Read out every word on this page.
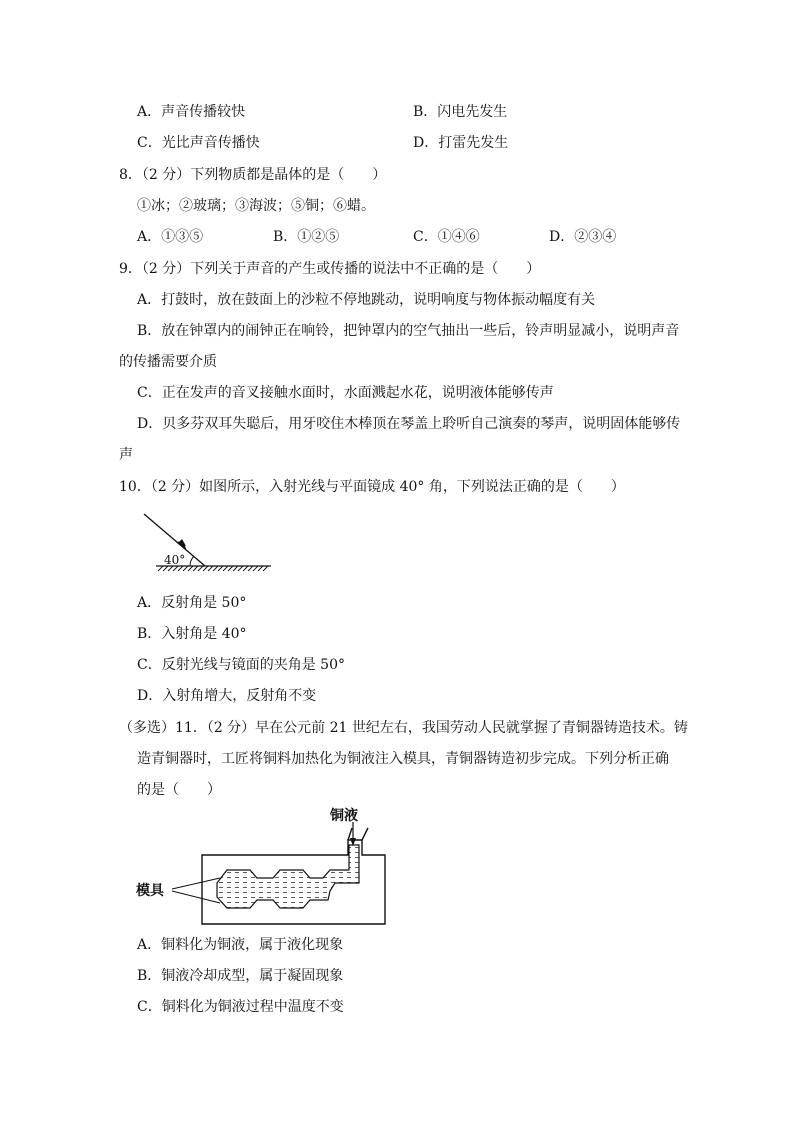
A．声音传播较快	B．闪电先发生
C．光比声音传播快	D．打雷先发生
8．（2 分）下列物质都是晶体的是（　　）
①冰；②玻璃；③海波；⑤铜；⑥蜡。
A．①③⑤	B．①②⑤	C．①④⑥	D．②③④
9．（2 分）下列关于声音的产生或传播的说法中不正确的是（　　）
A．打鼓时，放在鼓面上的沙粒不停地跳动，说明响度与物体振动幅度有关
B．放在钟罩内的闹钟正在响铃，把钟罩内的空气抽出一些后，铃声明显减小，说明声音
的传播需要介质
C．正在发声的音叉接触水面时，水面溅起水花，说明液体能够传声
D．贝多芬双耳失聪后，用牙咬住木棒顶在琴盖上聆听自己演奏的琴声，说明固体能够传
声
10．（2 分）如图所示，入射光线与平面镜成 40° 角，下列说法正确的是（　　）
40°
A．反射角是 50°
B．入射角是 40°
C．反射光线与镜面的夹角是 50°
D．入射角增大，反射角不变
（多选）11．（2 分）早在公元前 21 世纪左右，我国劳动人民就掌握了青铜器铸造技术。铸
造青铜器时，工匠将铜料加热化为铜液注入模具，青铜器铸造初步完成。下列分析正确
的是（　　）
铜液
模具
A．铜料化为铜液，属于液化现象
B．铜液冷却成型，属于凝固现象
C．铜料化为铜液过程中温度不变
